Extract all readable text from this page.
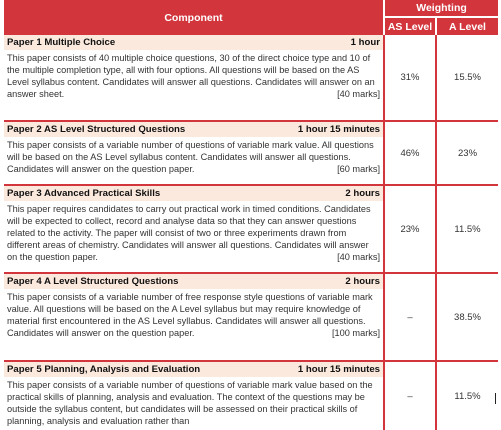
Component	Weighting	
	AS Level	A Level

Paper 1 Multiple Choice 1 hour
This paper consists of 40 multiple choice questions, 30 of the direct choice type and 10 of the multiple completion type, all with four options. All questions will be based on the AS Level syllabus content. Candidates will answer all questions. Candidates will answer on an answer sheet. [40 marks]	31%	15.5%

Paper 2 AS Level Structured Questions 1 hour 15 minutes
This paper consists of a variable number of questions of variable mark value. All questions will be based on the AS Level syllabus content. Candidates will answer all questions. Candidates will answer on the question paper. [60 marks]	46%	23%

Paper 3 Advanced Practical Skills 2 hours
This paper requires candidates to carry out practical work in timed conditions. Candidates will be expected to collect, record and analyse data so that they can answer questions related to the activity. The paper will consist of two or three experiments drawn from different areas of chemistry. Candidates will answer all questions. Candidates will answer on the question paper. [40 marks]	23%	11.5%

Paper 4 A Level Structured Questions 2 hours
This paper consists of a variable number of free response style questions of variable mark value. All questions will be based on the A Level syllabus but may require knowledge of material first encountered in the AS Level syllabus. Candidates will answer all questions. Candidates will answer on the question paper. [100 marks]	–	38.5%

Paper 5 Planning, Analysis and Evaluation 1 hour 15 minutes
This paper consists of a variable number of questions of variable mark value based on the practical skills of planning, analysis and evaluation. The context of the questions may be outside the syllabus content, but candidates will be assessed on their practical skills of planning, analysis and evaluation rather than	–	11.5%
